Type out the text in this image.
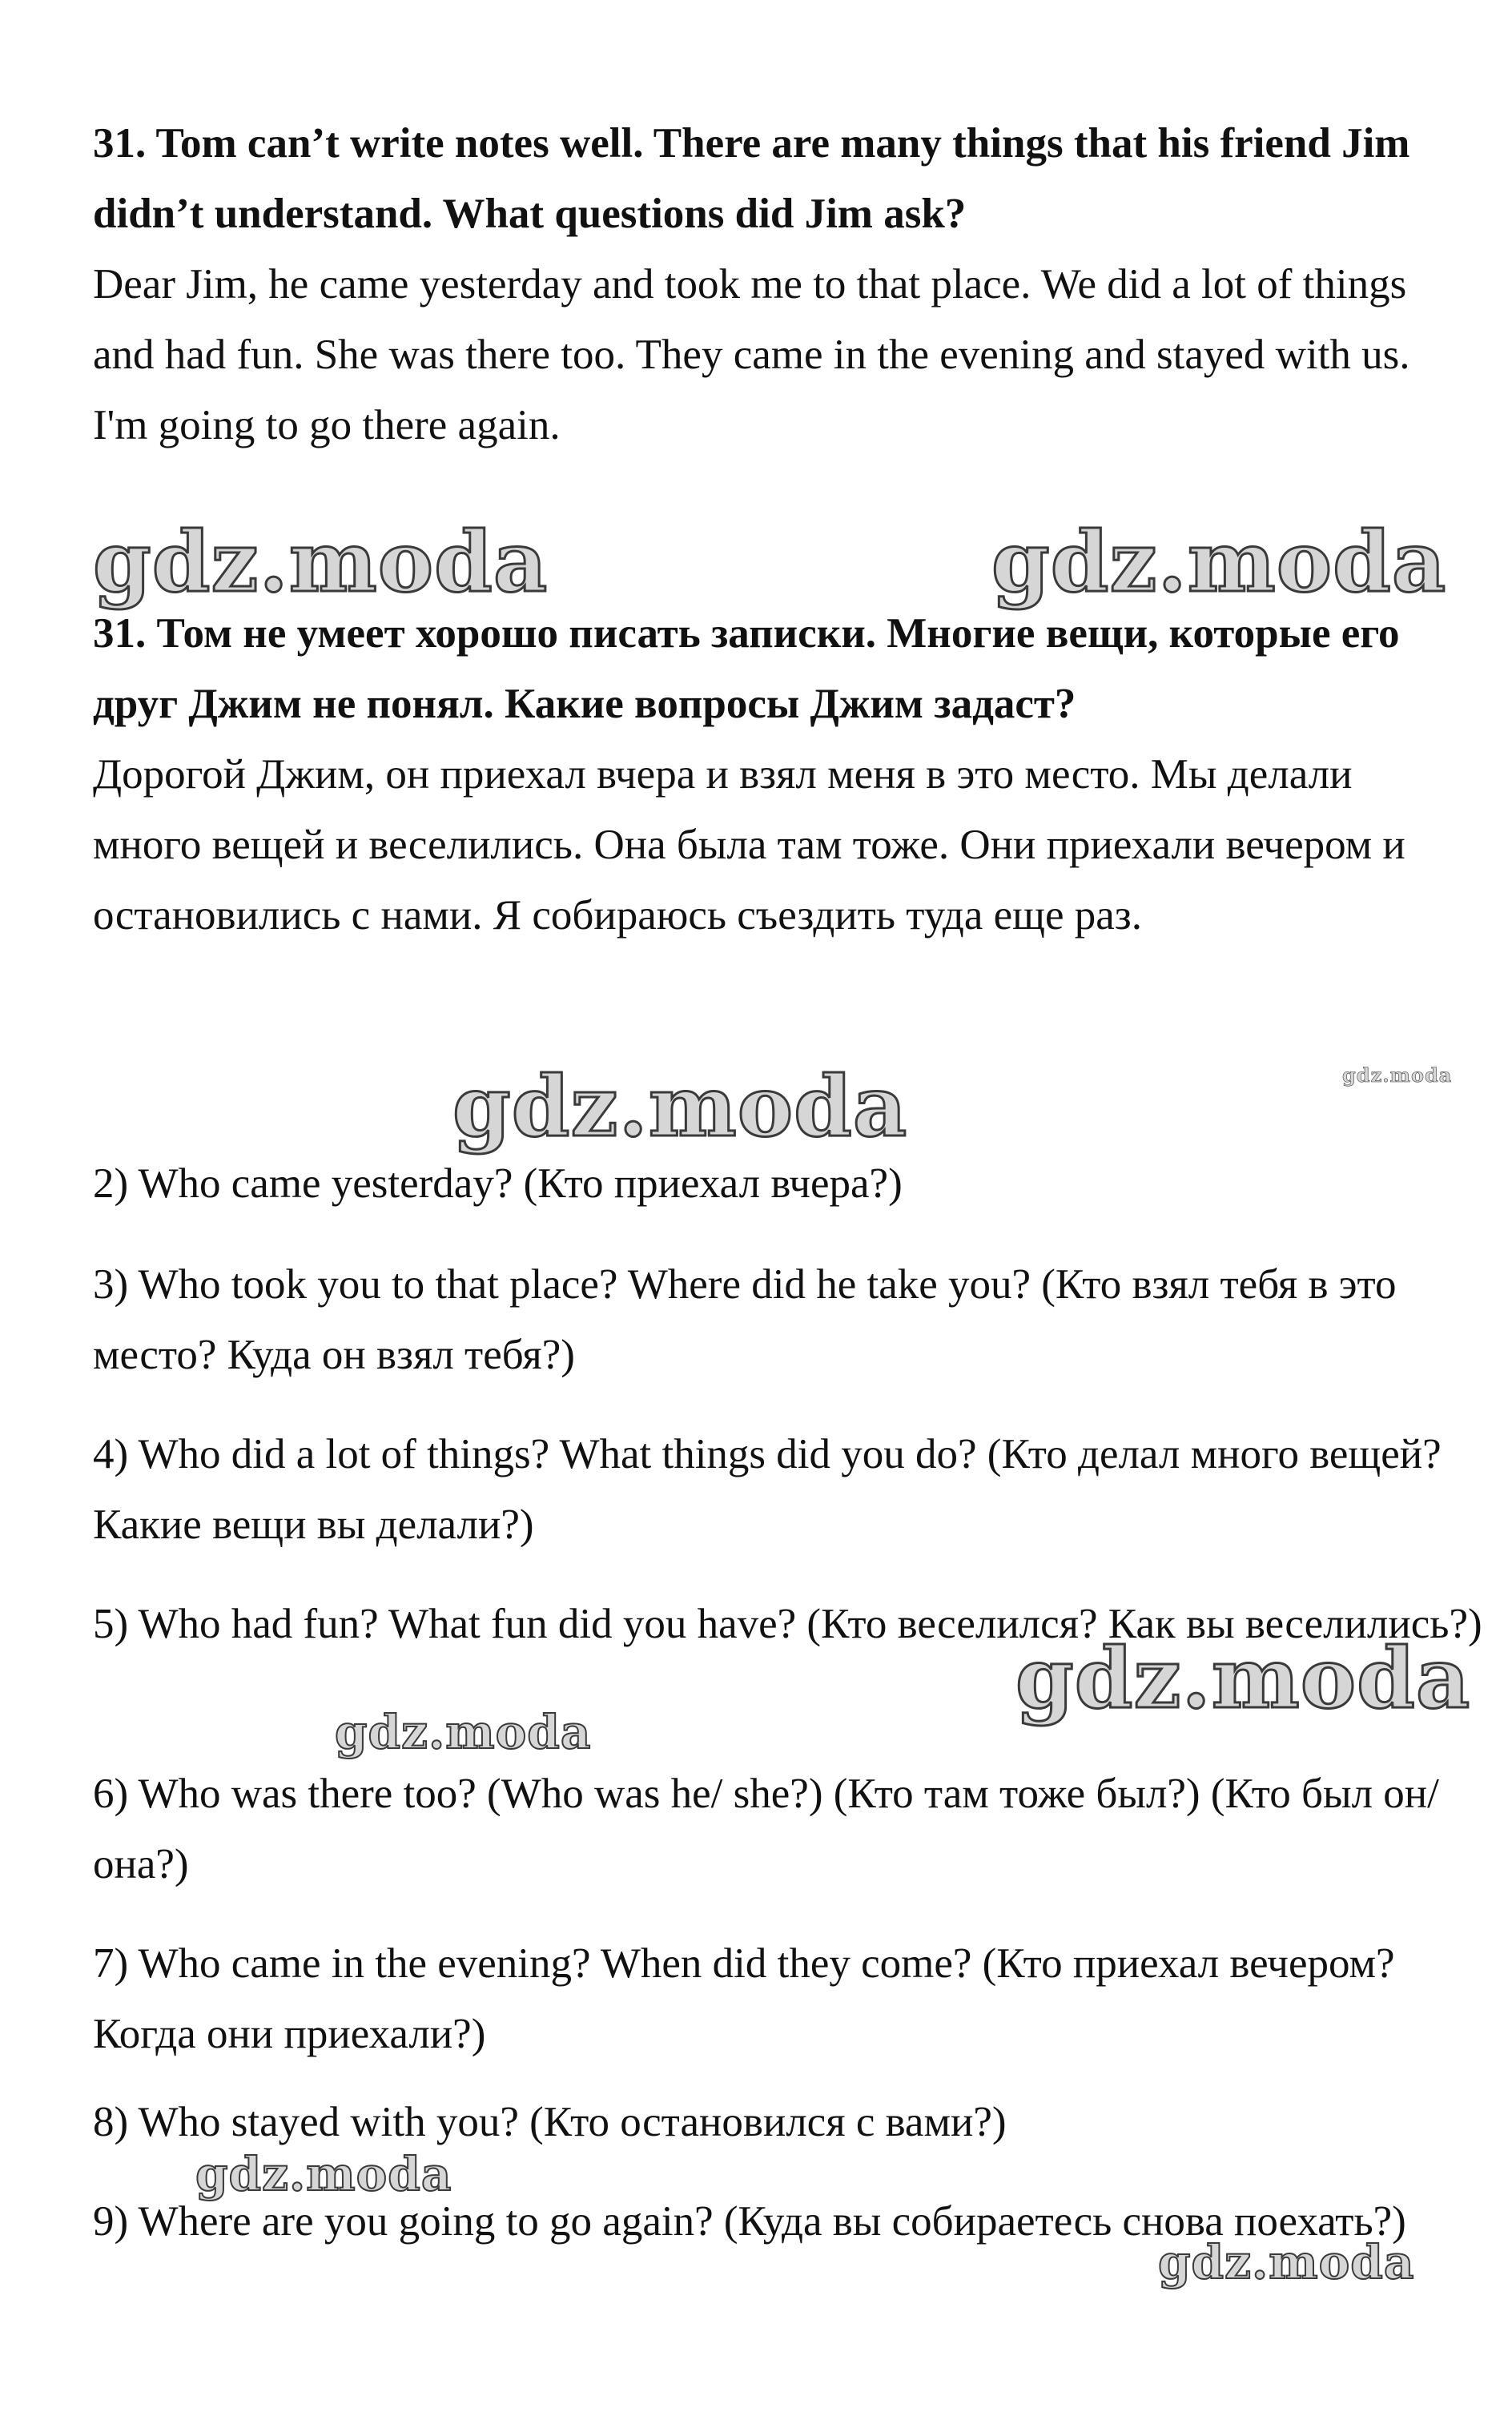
31. Tom can’t write notes well. There are many things that his friend Jim didn’t understand. What questions did Jim ask?

Dear Jim, he came yesterday and took me to that place. We did a lot of things and had fun. She was there too. They came in the evening and stayed with us. I'm going to go there again.

gdz.moda	gdz.moda

31. Том не умеет хорошо писать записки. Многие вещи, которые его друг Джим не понял. Какие вопросы Джим задаст?

Дорогой Джим, он приехал вчера и взял меня в это место. Мы делали много вещей и веселились. Она была там тоже. Они приехали вечером и остановились с нами. Я собираюсь съездить туда еще раз.

gdz.moda	gdz.moda

2) Who came yesterday? (Кто приехал вчера?)

3) Who took you to that place? Where did he take you? (Кто взял тебя в это место? Куда он взял тебя?)

4) Who did a lot of things? What things did you do? (Кто делал много вещей? Какие вещи вы делали?)

5) Who had fun? What fun did you have? (Кто веселился? Как вы веселились?)

gdz.moda
gdz.moda

6) Who was there too? (Who was he/ she?) (Кто там тоже был?) (Кто был он/она?)

7) Who came in the evening? When did they come? (Кто приехал вечером? Когда они приехали?)

8) Who stayed with you? (Кто остановился с вами?)

gdz.moda

9) Where are you going to go again? (Куда вы собираетесь снова поехать?)

gdz.moda
